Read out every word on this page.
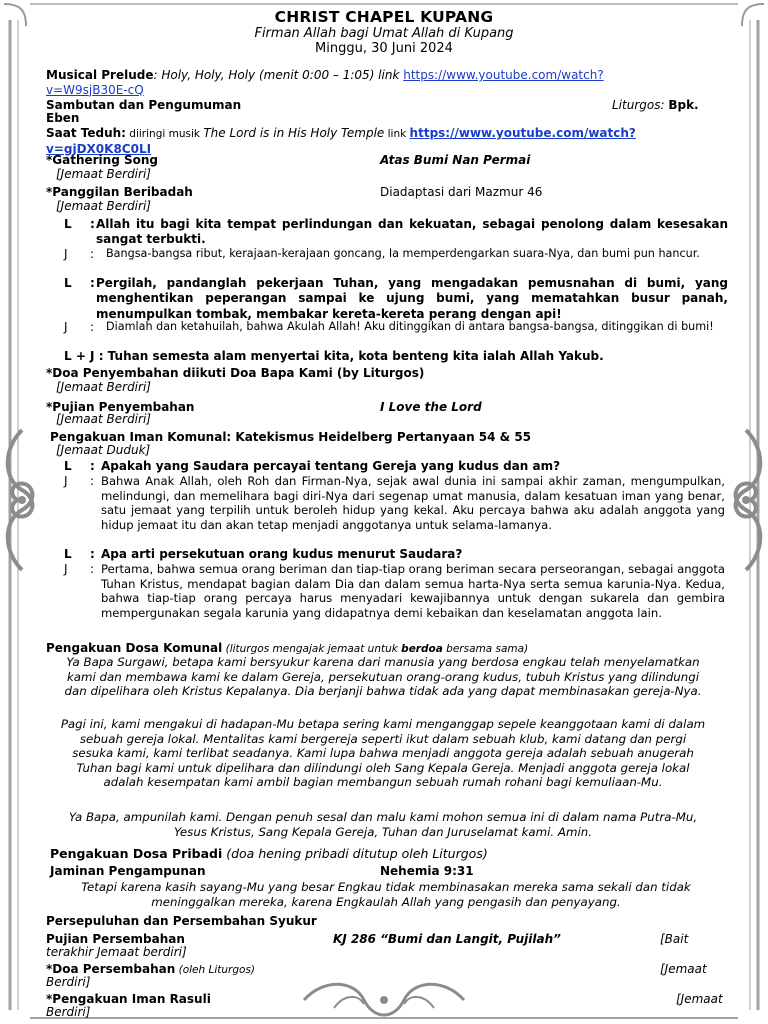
CHRIST CHAPEL KUPANG
Firman Allah bagi Umat Allah di Kupang
Minggu, 30 Juni 2024
Musical Prelude: Holy, Holy, Holy (menit 0:00 – 1:05) link https://www.youtube.com/watch?
v=W9sjB30E-cQ
Sambutan dan Pengumuman	Liturgos: Bpk.
Eben
Saat Teduh: diiringi musik The Lord is in His Holy Temple link https://www.youtube.com/watch?
v=gjDX0K8C0LI
*Gathering Song	Atas Bumi Nan Permai
[Jemaat Berdiri]
*Panggilan Beribadah	Diadaptasi dari Mazmur 46
[Jemaat Berdiri]
L : Allah itu bagi kita tempat perlindungan dan kekuatan, sebagai penolong dalam kesesakan sangat terbukti.
J : Bangsa-bangsa ribut, kerajaan-kerajaan goncang, Ia memperdengarkan suara-Nya, dan bumi pun hancur.
L : Pergilah, pandanglah pekerjaan Tuhan, yang mengadakan pemusnahan di bumi, yang menghentikan peperangan sampai ke ujung bumi, yang mematahkan busur panah, menumpulkan tombak, membakar kereta-kereta perang dengan api!
J : Diamlah dan ketahuilah, bahwa Akulah Allah! Aku ditinggikan di antara bangsa-bangsa, ditinggikan di bumi!
L + J : Tuhan semesta alam menyertai kita, kota benteng kita ialah Allah Yakub.
*Doa Penyembahan diikuti Doa Bapa Kami (by Liturgos)
[Jemaat Berdiri]
*Pujian Penyembahan	I Love the Lord
[Jemaat Berdiri]
Pengakuan Iman Komunal: Katekismus Heidelberg Pertanyaan 54 & 55
[Jemaat Duduk]
L : Apakah yang Saudara percayai tentang Gereja yang kudus dan am?
J : Bahwa Anak Allah, oleh Roh dan Firman-Nya, sejak awal dunia ini sampai akhir zaman, mengumpulkan, melindungi, dan memelihara bagi diri-Nya dari segenap umat manusia, dalam kesatuan iman yang benar, satu jemaat yang terpilih untuk beroleh hidup yang kekal. Aku percaya bahwa aku adalah anggota yang hidup jemaat itu dan akan tetap menjadi anggotanya untuk selama-lamanya.
L : Apa arti persekutuan orang kudus menurut Saudara?
J : Pertama, bahwa semua orang beriman dan tiap-tiap orang beriman secara perseorangan, sebagai anggota Tuhan Kristus, mendapat bagian dalam Dia dan dalam semua harta-Nya serta semua karunia-Nya. Kedua, bahwa tiap-tiap orang percaya harus menyadari kewajibannya untuk dengan sukarela dan gembira mempergunakan segala karunia yang didapatnya demi kebaikan dan keselamatan anggota lain.
Pengakuan Dosa Komunal (liturgos mengajak jemaat untuk berdoa bersama sama)
Ya Bapa Surgawi, betapa kami bersyukur karena dari manusia yang berdosa engkau telah menyelamatkan kami dan membawa kami ke dalam Gereja, persekutuan orang-orang kudus, tubuh Kristus yang dilindungi dan dipelihara oleh Kristus Kepalanya. Dia berjanji bahwa tidak ada yang dapat membinasakan gereja-Nya.
Pagi ini, kami mengakui di hadapan-Mu betapa sering kami menganggap sepele keanggotaan kami di dalam sebuah gereja lokal. Mentalitas kami bergereja seperti ikut dalam sebuah klub, kami datang dan pergi sesuka kami, kami terlibat seadanya. Kami lupa bahwa menjadi anggota gereja adalah sebuah anugerah Tuhan bagi kami untuk dipelihara dan dilindungi oleh Sang Kepala Gereja. Menjadi anggota gereja lokal adalah kesempatan kami ambil bagian membangun sebuah rumah rohani bagi kemuliaan-Mu.
Ya Bapa, ampunilah kami. Dengan penuh sesal dan malu kami mohon semua ini di dalam nama Putra-Mu, Yesus Kristus, Sang Kepala Gereja, Tuhan dan Juruselamat kami. Amin.
Pengakuan Dosa Pribadi (doa hening pribadi ditutup oleh Liturgos)
Jaminan Pengampunan	Nehemia 9:31
Tetapi karena kasih sayang-Mu yang besar Engkau tidak membinasakan mereka sama sekali dan tidak meninggalkan mereka, karena Engkaulah Allah yang pengasih dan penyayang.
Persepuluhan dan Persembahan Syukur
Pujian Persembahan	KJ 286 “Bumi dan Langit, Pujilah”	[Bait
terakhir Jemaat berdiri]
*Doa Persembahan (oleh Liturgos)	[Jemaat
Berdiri]
*Pengakuan Iman Rasuli	[Jemaat
Berdiri]
